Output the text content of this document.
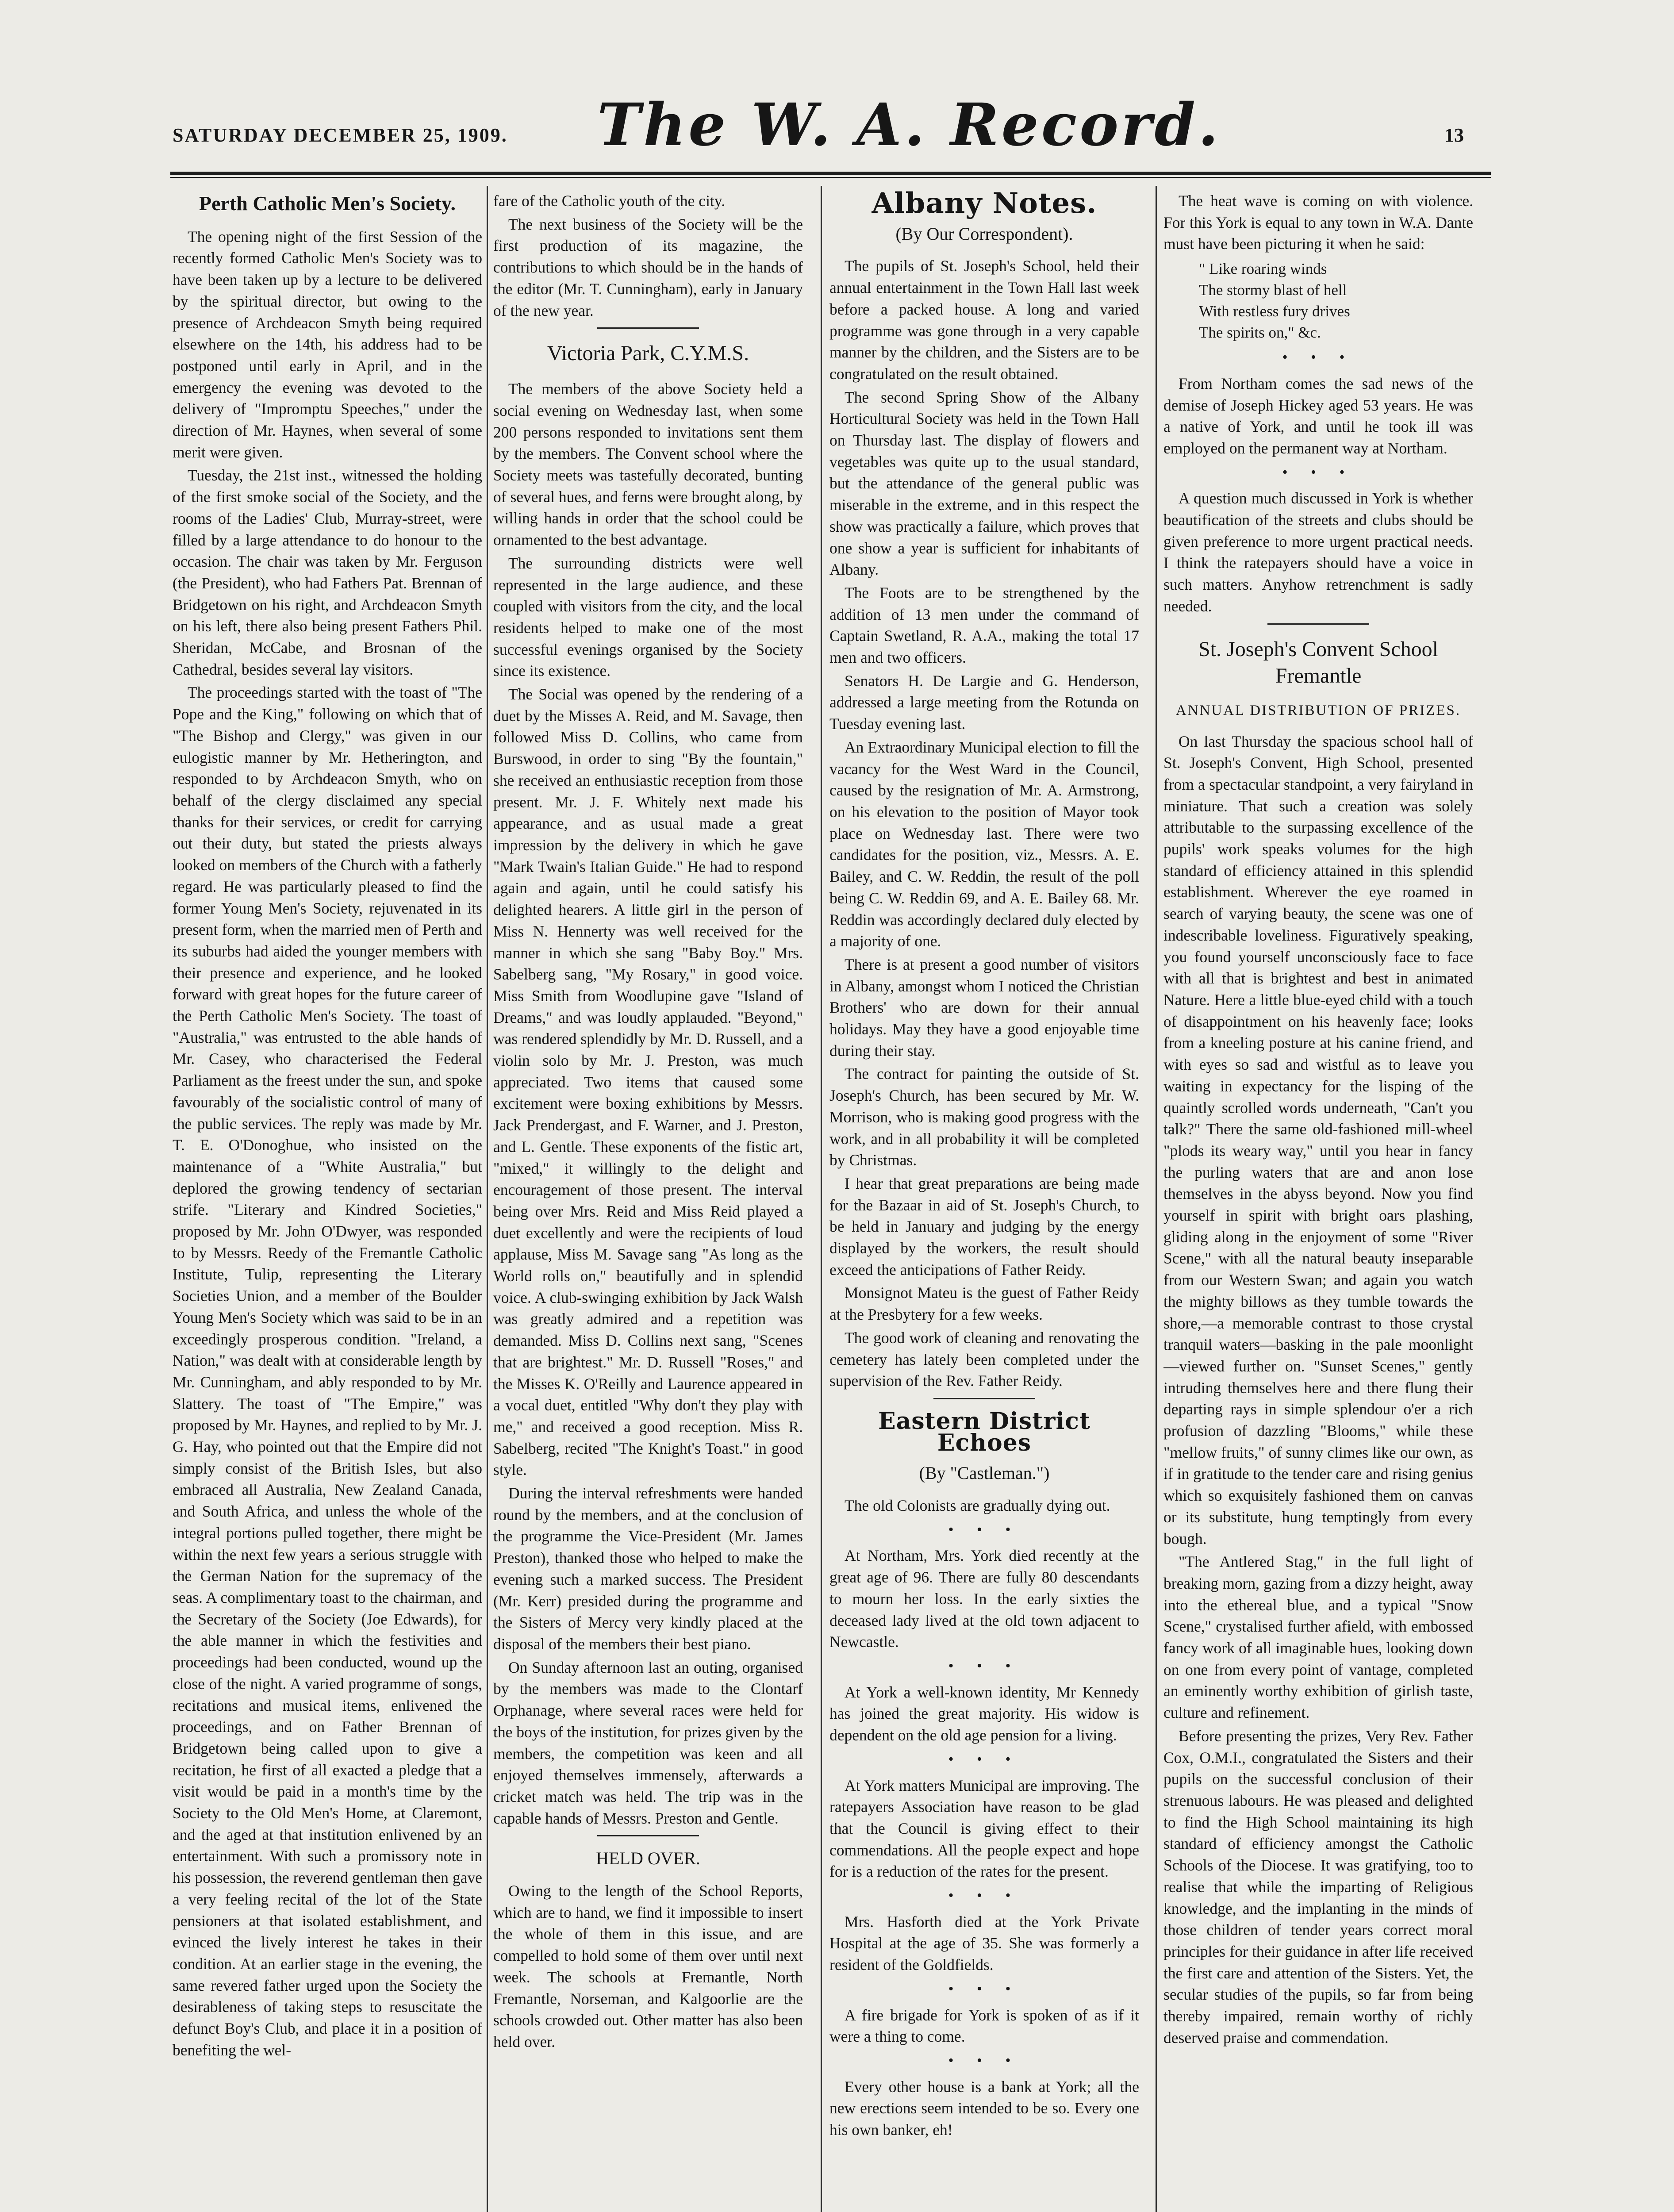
SATURDAY DECEMBER 25, 1909. The W. A. Record.	13
Perth Catholic Men's Society.

The opening night of the first Session of the recently formed Catholic Men's Society was to have been taken up by a lecture to be delivered by the spiritual director, but owing to the presence of Archdeacon Smyth being required elsewhere on the 14th, his address had to be postponed until early in April, and in the emergency the evening was devoted to the delivery of "Impromptu Speeches," under the direction of Mr. Haynes, when several of some merit were given.

Tuesday, the 21st inst., witnessed the holding of the first smoke social of the Society, and the rooms of the Ladies' Club, Murray-street, were filled by a large attendance to do honour to the occasion. The chair was taken by Mr. Ferguson (the President), who had Fathers Pat. Brennan of Bridgetown on his right, and Archdeacon Smyth on his left, there also being present Fathers Phil. Sheridan, McCabe, and Brosnan of the Cathedral, besides several lay visitors.

The proceedings started with the toast of "The Pope and the King," following on which that of "The Bishop and Clergy," was given in our eulogistic manner by Mr. Hetherington, and responded to by Archdeacon Smyth, who on behalf of the clergy disclaimed any special thanks for their services, or credit for carrying out their duty, but stated the priests always looked on members of the Church with a fatherly regard. He was particularly pleased to find the former Young Men's Society, rejuvenated in its present form, when the married men of Perth and its suburbs had aided the younger members with their presence and experience, and he looked forward with great hopes for the future career of the Perth Catholic Men's Society. The toast of "Australia," was entrusted to the able hands of Mr. Casey, who characterised the Federal Parliament as the freest under the sun, and spoke favourably of the socialistic control of many of the public services. The reply was made by Mr. T. E. O'Donoghue, who insisted on the maintenance of a "White Australia," but deplored the growing tendency of sectarian strife. "Literary and Kindred Societies," proposed by Mr. John O'Dwyer, was responded to by Messrs. Reedy of the Fremantle Catholic Institute, Tulip, representing the Literary Societies Union, and a member of the Boulder Young Men's Society which was said to be in an exceedingly prosperous condition. "Ireland, a Nation," was dealt with at considerable length by Mr. Cunningham, and ably responded to by Mr. Slattery. The toast of "The Empire," was proposed by Mr. Haynes, and replied to by Mr. J. G. Hay, who pointed out that the Empire did not simply consist of the British Isles, but also embraced all Australia, New Zealand Canada, and South Africa, and unless the whole of the integral portions pulled together, there might be within the next few years a serious struggle with the German Nation for the supremacy of the seas. A complimentary toast to the chairman, and the Secretary of the Society (Joe Edwards), for the able manner in which the festivities and proceedings had been conducted, wound up the close of the night. A varied programme of songs, recitations and musical items, enlivened the proceedings, and on Father Brennan of Bridgetown being called upon to give a recitation, he first of all exacted a pledge that a visit would be paid in a month's time by the Society to the Old Men's Home, at Claremont, and the aged at that institution enlivened by an entertainment. With such a promissory note in his possession, the reverend gentleman then gave a very feeling recital of the lot of the State pensioners at that isolated establishment, and evinced the lively interest he takes in their condition. At an earlier stage in the evening, the same revered father urged upon the Society the desirableness of taking steps to resuscitate the defunct Boy's Club, and place it in a position of benefiting the wel-

fare of the Catholic youth of the city.

The next business of the Society will be the first production of its magazine, the contributions to which should be in the hands of the editor (Mr. T. Cunningham), early in January of the new year.

Victoria Park, C.Y.M.S.

The members of the above Society held a social evening on Wednesday last, when some 200 persons responded to invitations sent them by the members. The Convent school where the Society meets was tastefully decorated, bunting of several hues, and ferns were brought along, by willing hands in order that the school could be ornamented to the best advantage.

The surrounding districts were well represented in the large audience, and these coupled with visitors from the city, and the local residents helped to make one of the most successful evenings organised by the Society since its existence.

The Social was opened by the rendering of a duet by the Misses A. Reid, and M. Savage, then followed Miss D. Collins, who came from Burswood, in order to sing "By the fountain," she received an enthusiastic reception from those present. Mr. J. F. Whitely next made his appearance, and as usual made a great impression by the delivery in which he gave "Mark Twain's Italian Guide." He had to respond again and again, until he could satisfy his delighted hearers. A little girl in the person of Miss N. Hennerty was well received for the manner in which she sang "Baby Boy." Mrs. Sabelberg sang, "My Rosary," in good voice. Miss Smith from Woodlupine gave "Island of Dreams," and was loudly applauded. "Beyond," was rendered splendidly by Mr. D. Russell, and a violin solo by Mr. J. Preston, was much appreciated. Two items that caused some excitement were boxing exhibitions by Messrs. Jack Prendergast, and F. Warner, and J. Preston, and L. Gentle. These exponents of the fistic art, "mixed," it willingly to the delight and encouragement of those present. The interval being over Mrs. Reid and Miss Reid played a duet excellently and were the recipients of loud applause, Miss M. Savage sang "As long as the World rolls on," beautifully and in splendid voice. A club-swinging exhibition by Jack Walsh was greatly admired and a repetition was demanded. Miss D. Collins next sang, "Scenes that are brightest." Mr. D. Russell "Roses," and the Misses K. O'Reilly and Laurence appeared in a vocal duet, entitled "Why don't they play with me," and received a good reception. Miss R. Sabelberg, recited "The Knight's Toast." in good style.

During the interval refreshments were handed round by the members, and at the conclusion of the programme the Vice-President (Mr. James Preston), thanked those who helped to make the evening such a marked success. The President (Mr. Kerr) presided during the programme and the Sisters of Mercy very kindly placed at the disposal of the members their best piano.

On Sunday afternoon last an outing, organised by the members was made to the Clontarf Orphanage, where several races were held for the boys of the institution, for prizes given by the members, the competition was keen and all enjoyed themselves immensely, afterwards a cricket match was held. The trip was in the capable hands of Messrs. Preston and Gentle.

HELD OVER.

Owing to the length of the School Reports, which are to hand, we find it impossible to insert the whole of them in this issue, and are compelled to hold some of them over until next week. The schools at Fremantle, North Fremantle, Norseman, and Kalgoorlie are the schools crowded out. Other matter has also been held over.

Albany Notes.
(By Our Correspondent).

The pupils of St. Joseph's School, held their annual entertainment in the Town Hall last week before a packed house. A long and varied programme was gone through in a very capable manner by the children, and the Sisters are to be congratulated on the result obtained.

The second Spring Show of the Albany Horticultural Society was held in the Town Hall on Thursday last. The display of flowers and vegetables was quite up to the usual standard, but the attendance of the general public was miserable in the extreme, and in this respect the show was practically a failure, which proves that one show a year is sufficient for inhabitants of Albany.

The Foots are to be strengthened by the addition of 13 men under the command of Captain Swetland, R. A.A., making the total 17 men and two officers.

Senators H. De Largie and G. Henderson, addressed a large meeting from the Rotunda on Tuesday evening last.

An Extraordinary Municipal election to fill the vacancy for the West Ward in the Council, caused by the resignation of Mr. A. Armstrong, on his elevation to the position of Mayor took place on Wednesday last. There were two candidates for the position, viz., Messrs. A. E. Bailey, and C. W. Reddin, the result of the poll being C. W. Reddin 69, and A. E. Bailey 68. Mr. Reddin was accordingly declared duly elected by a majority of one.

There is at present a good number of visitors in Albany, amongst whom I noticed the Christian Brothers' who are down for their annual holidays. May they have a good enjoyable time during their stay.

The contract for painting the outside of St. Joseph's Church, has been secured by Mr. W. Morrison, who is making good progress with the work, and in all probability it will be completed by Christmas.

I hear that great preparations are being made for the Bazaar in aid of St. Joseph's Church, to be held in January and judging by the energy displayed by the workers, the result should exceed the anticipations of Father Reidy.

Monsignot Mateu is the guest of Father Reidy at the Presbytery for a few weeks.

The good work of cleaning and renovating the cemetery has lately been completed under the supervision of the Rev. Father Reidy.

Eastern District Echoes
(By "Castleman.")

The old Colonists are gradually dying out.

• • •

At Northam, Mrs. York died recently at the great age of 96. There are fully 80 descendants to mourn her loss. In the early sixties the deceased lady lived at the old town adjacent to Newcastle.

• • •

At York a well-known identity, Mr Kennedy has joined the great majority. His widow is dependent on the old age pension for a living.

• • •

At York matters Municipal are improving. The ratepayers Association have reason to be glad that the Council is giving effect to their commendations. All the people expect and hope for is a reduction of the rates for the present.

• • •

Mrs. Hasforth died at the York Private Hospital at the age of 35. She was formerly a resident of the Goldfields.

• • •

A fire brigade for York is spoken of as if it were a thing to come.

• • •

Every other house is a bank at York; all the new erections seem intended to be so. Every one his own banker, eh!

The heat wave is coming on with violence. For this York is equal to any town in W.A. Dante must have been picturing it when he said:

" Like roaring winds
The stormy blast of hell
With restless fury drives
The spirits on," &c.
• • •

From Northam comes the sad news of the demise of Joseph Hickey aged 53 years. He was a native of York, and until he took ill was employed on the permanent way at Northam.

• • •

A question much discussed in York is whether beautification of the streets and clubs should be given preference to more urgent practical needs. I think the ratepayers should have a voice in such matters. Anyhow retrenchment is sadly needed.

St. Joseph's Convent School Fremantle
ANNUAL DISTRIBUTION OF PRIZES.

On last Thursday the spacious school hall of St. Joseph's Convent, High School, presented from a spectacular standpoint, a very fairyland in miniature. That such a creation was solely attributable to the surpassing excellence of the pupils' work speaks volumes for the high standard of efficiency attained in this splendid establishment. Wherever the eye roamed in search of varying beauty, the scene was one of indescribable loveliness. Figuratively speaking, you found yourself unconsciously face to face with all that is brightest and best in animated Nature. Here a little blue-eyed child with a touch of disappointment on his heavenly face; looks from a kneeling posture at his canine friend, and with eyes so sad and wistful as to leave you waiting in expectancy for the lisping of the quaintly scrolled words underneath, "Can't you talk?" There the same old-fashioned mill-wheel "plods its weary way," until you hear in fancy the purling waters that are and anon lose themselves in the abyss beyond. Now you find yourself in spirit with bright oars plashing, gliding along in the enjoyment of some "River Scene," with all the natural beauty inseparable from our Western Swan; and again you watch the mighty billows as they tumble towards the shore,—a memorable contrast to those crystal tranquil waters—basking in the pale moonlight—viewed further on. "Sunset Scenes," gently intruding themselves here and there flung their departing rays in simple splendour o'er a rich profusion of dazzling "Blooms," while these "mellow fruits," of sunny climes like our own, as if in gratitude to the tender care and rising genius which so exquisitely fashioned them on canvas or its substitute, hung temptingly from every bough.

"The Antlered Stag," in the full light of breaking morn, gazing from a dizzy height, away into the ethereal blue, and a typical "Snow Scene," crystalised further afield, with embossed fancy work of all imaginable hues, looking down on one from every point of vantage, completed an eminently worthy exhibition of girlish taste, culture and refinement.

Before presenting the prizes, Very Rev. Father Cox, O.M.I., congratulated the Sisters and their pupils on the successful conclusion of their strenuous labours. He was pleased and delighted to find the High School maintaining its high standard of efficiency amongst the Catholic Schools of the Diocese. It was gratifying, too to realise that while the imparting of Religious knowledge, and the implanting in the minds of those children of tender years correct moral principles for their guidance in after life received the first care and attention of the Sisters. Yet, the secular studies of the pupils, so far from being thereby impaired, remain worthy of richly deserved praise and commendation.
